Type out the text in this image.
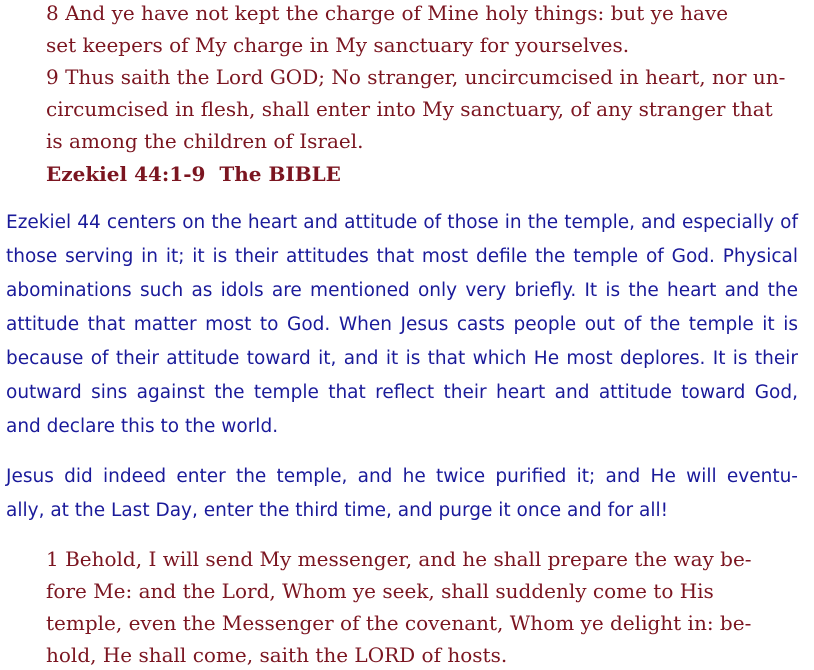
8 And ye have not kept the charge of Mine holy things: but ye have
set keepers of My charge in My sanctuary for yourselves.
9 Thus saith the Lord GOD; No stranger, uncircumcised in heart, nor un-
circumcised in flesh, shall enter into My sanctuary, of any stranger that
is among the children of Israel.
Ezekiel 44:1-9  The BIBLE
Ezekiel 44 centers on the heart and attitude of those in the temple, and especially of
those serving in it; it is their attitudes that most defile the temple of God. Physical
abominations such as idols are mentioned only very briefly. It is the heart and the
attitude that matter most to God. When Jesus casts people out of the temple it is
because of their attitude toward it, and it is that which He most deplores. It is their
outward sins against the temple that reflect their heart and attitude toward God,
and declare this to the world.
Jesus did indeed enter the temple, and he twice purified it; and He will eventu-
ally, at the Last Day, enter the third time, and purge it once and for all!
1 Behold, I will send My messenger, and he shall prepare the way be-
fore Me: and the Lord, Whom ye seek, shall suddenly come to His
temple, even the Messenger of the covenant, Whom ye delight in: be-
hold, He shall come, saith the LORD of hosts.
